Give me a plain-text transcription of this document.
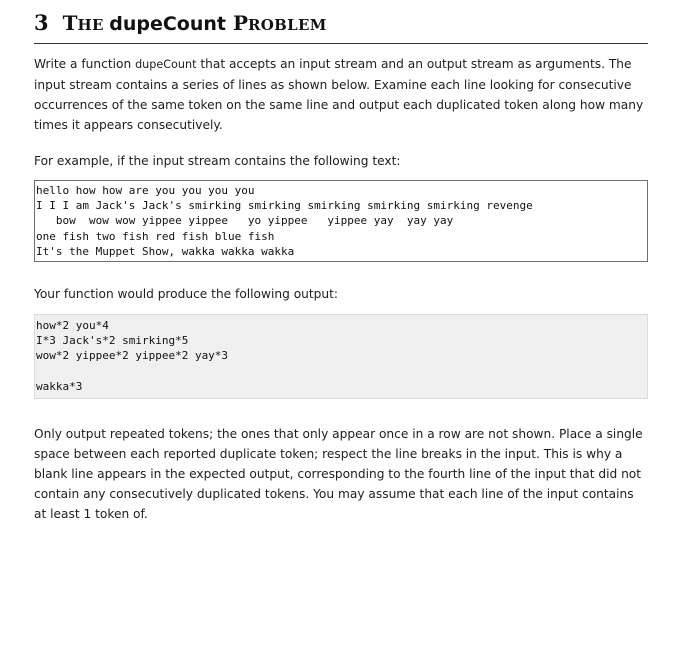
3 THE dupeCount PROBLEM

Write a function dupeCount that accepts an input stream and an output stream as arguments. The input stream contains a series of lines as shown below. Examine each line looking for consecutive occurrences of the same token on the same line and output each duplicated token along how many times it appears consecutively.

For example, if the input stream contains the following text:

hello how how are you you you you
I I I am Jack's Jack's smirking smirking smirking smirking smirking revenge
bow  wow wow yippee yippee   yo yippee   yippee yay  yay yay
one fish two fish red fish blue fish
It's the Muppet Show, wakka wakka wakka

Your function would produce the following output:

how*2 you*4
I*3 Jack's*2 smirking*5
wow*2 yippee*2 yippee*2 yay*3
wakka*3

Only output repeated tokens; the ones that only appear once in a row are not shown. Place a single space between each reported duplicate token; respect the line breaks in the input. This is why a blank line appears in the expected output, corresponding to the fourth line of the input that did not contain any consecutively duplicated tokens. You may assume that each line of the input contains at least 1 token of.
